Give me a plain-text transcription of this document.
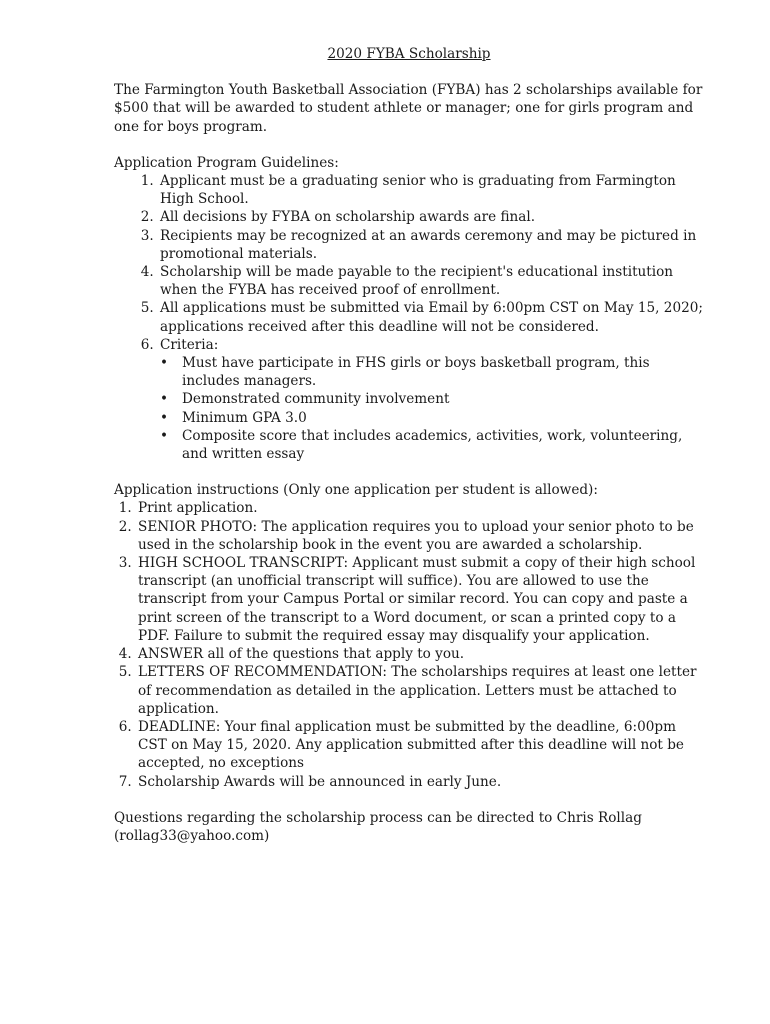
2020 FYBA Scholarship

The Farmington Youth Basketball Association (FYBA) has 2 scholarships available for $500 that will be awarded to student athlete or manager; one for girls program and one for boys program.

Application Program Guidelines:

1. Applicant must be a graduating senior who is graduating from Farmington High School.
2. All decisions by FYBA on scholarship awards are final.
3. Recipients may be recognized at an awards ceremony and may be pictured in promotional materials.
4. Scholarship will be made payable to the recipient's educational institution when the FYBA has received proof of enrollment.
5. All applications must be submitted via Email by 6:00pm CST on May 15, 2020; applications received after this deadline will not be considered.
6. Criteria:
• Must have participate in FHS girls or boys basketball program, this includes managers.
• Demonstrated community involvement
• Minimum GPA 3.0
• Composite score that includes academics, activities, work, volunteering, and written essay

Application instructions (Only one application per student is allowed):

1. Print application.
2. SENIOR PHOTO: The application requires you to upload your senior photo to be used in the scholarship book in the event you are awarded a scholarship.
3. HIGH SCHOOL TRANSCRIPT: Applicant must submit a copy of their high school transcript (an unofficial transcript will suffice). You are allowed to use the transcript from your Campus Portal or similar record. You can copy and paste a print screen of the transcript to a Word document, or scan a printed copy to a PDF. Failure to submit the required essay may disqualify your application.
4. ANSWER all of the questions that apply to you.
5. LETTERS OF RECOMMENDATION: The scholarships requires at least one letter of recommendation as detailed in the application. Letters must be attached to application.
6. DEADLINE: Your final application must be submitted by the deadline, 6:00pm CST on May 15, 2020. Any application submitted after this deadline will not be accepted, no exceptions
7. Scholarship Awards will be announced in early June.

Questions regarding the scholarship process can be directed to Chris Rollag (rollag33@yahoo.com)
